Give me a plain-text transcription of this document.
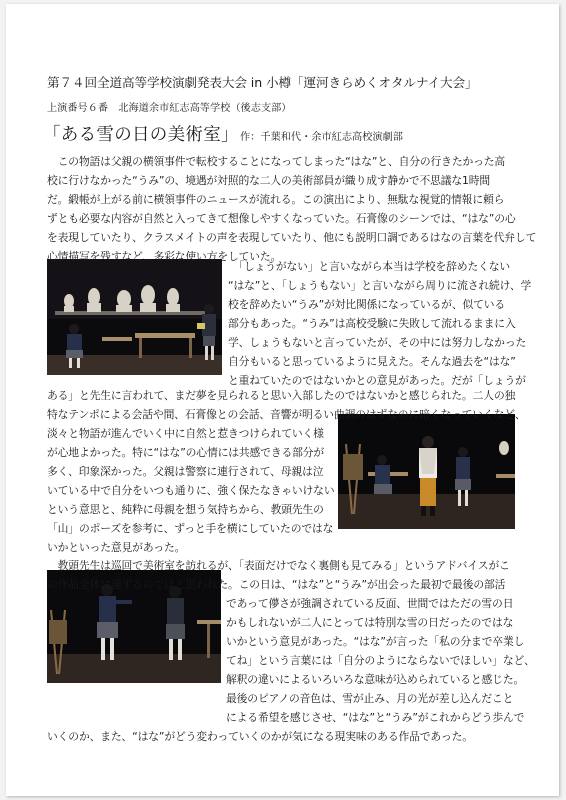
第７４回全道高等学校演劇発表大会 in 小樽「運河きらめくオタルナイ大会」
上演番号６番　北海道余市紅志高等学校（後志支部）
「ある雪の日の美術室」 作：千葉和代・余市紅志高校演劇部
　この物語は父親の横領事件で転校することになってしまった“はな”と、自分の行きたかった高
校に行けなかった“うみ”の、境遇が対照的な二人の美術部員が織り成す静かで不思議な1時間
だ。緞帳が上がる前に横領事件のニュースが流れる。この演出により、無駄な視覚的情報に頼ら
ずとも必要な内容が自然と入ってきて想像しやすくなっていた。石膏像のシーンでは、“はな”の心
を表現していたり、クラスメイトの声を表現していたり、他にも説明口調であるはなの言葉を代弁して
心情描写を残すなど、多彩な使い方をしていた。
　「しょうがない」と言いながら本当は学校を辞めたくない
“はな”と、「しょうもない」と言いながら周りに流され続け、学
校を辞めたい“うみ”が対比関係になっているが、似ている
部分もあった。“うみ”は高校受験に失敗して流れるままに入
学、しょうもないと言っていたが、その中には努力しなかった
自分もいると思っているように見えた。そんな過去を“はな”
と重ねていたのではないかとの意見があった。だが「しょうが
ある」と先生に言われて、まだ夢を見られると思い入部したのではないかと感じられた。二人の独
特なテンポによる会話や間、石膏像との会話、音響が明るい曲調のはずなのに暗くなっていくなど、
淡々と物語が進んでいく中に自然と惹きつけられていく様
が心地よかった。特に“はな”の心情には共感できる部分が
多く、印象深かった。父親は警察に連行されて、母親は泣
いている中で自分をいつも通りに、強く保たなきゃいけない
という意思と、純粋に母親を想う気持ちから、教頭先生の
「山」のポーズを参考に、ずっと手を横にしていたのではな
いかといった意見があった。
　教頭先生は巡回で美術室を訪れるが、「表面だけでなく裏側も見てみる」というアドバイスがこ
の作品全体に通ずるのではと思われた。この日は、“はな”と“うみ”が出会った最初で最後の部活
であって儚さが強調されている反面、世間ではただの雪の日
かもしれないが二人にとっては特別な雪の日だったのではな
いかという意見があった。“はな”が言った「私の分まで卒業し
てね」という言葉には「自分のようにならないでほしい」など、
解釈の違いによるいろいろな意味が込められていると感じた。
最後のピアノの音色は、雪が止み、月の光が差し込んだこと
による希望を感じさせ、“はな”と“うみ”がこれからどう歩んで
いくのか、また、“はな”がどう変わっていくのかが気になる現実味のある作品であった。
